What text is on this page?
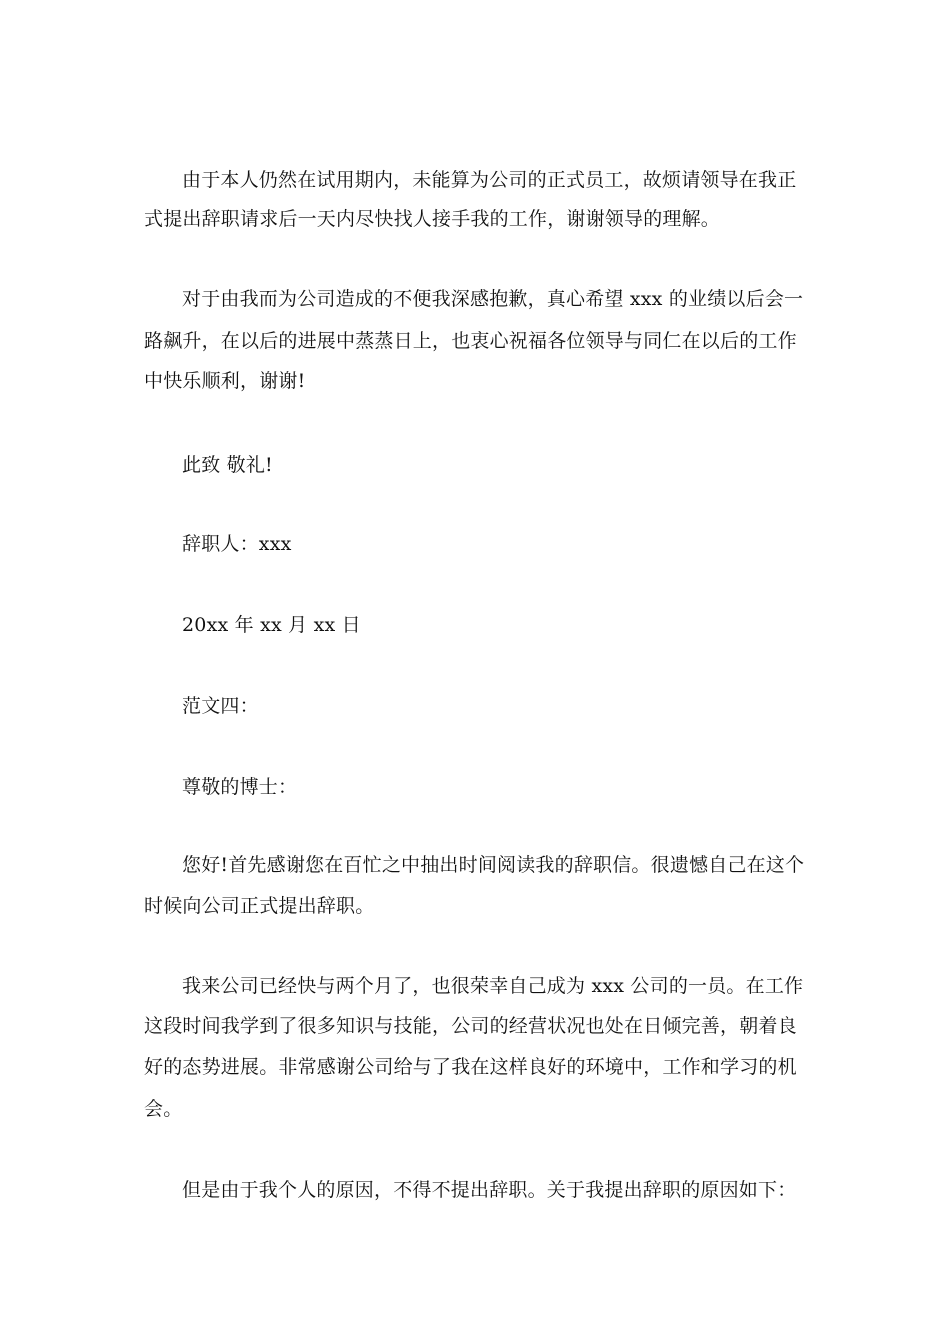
由于本人仍然在试用期内，未能算为公司的正式员工，故烦请领导在我正
式提出辞职请求后一天内尽快找人接手我的工作，谢谢领导的理解。
对于由我而为公司造成的不便我深感抱歉，真心希望 xxx 的业绩以后会一
路飙升，在以后的进展中蒸蒸日上，也衷心祝福各位领导与同仁在以后的工作
中快乐顺利，谢谢!
此致 敬礼!
辞职人：xxx
20xx 年 xx 月 xx 日
范文四：
尊敬的博士：
您好!首先感谢您在百忙之中抽出时间阅读我的辞职信。很遗憾自己在这个
时候向公司正式提出辞职。
我来公司已经快与两个月了，也很荣幸自己成为 xxx 公司的一员。在工作
这段时间我学到了很多知识与技能，公司的经营状况也处在日倾完善，朝着良
好的态势进展。非常感谢公司给与了我在这样良好的环境中，工作和学习的机
会。
但是由于我个人的原因，不得不提出辞职。关于我提出辞职的原因如下：
